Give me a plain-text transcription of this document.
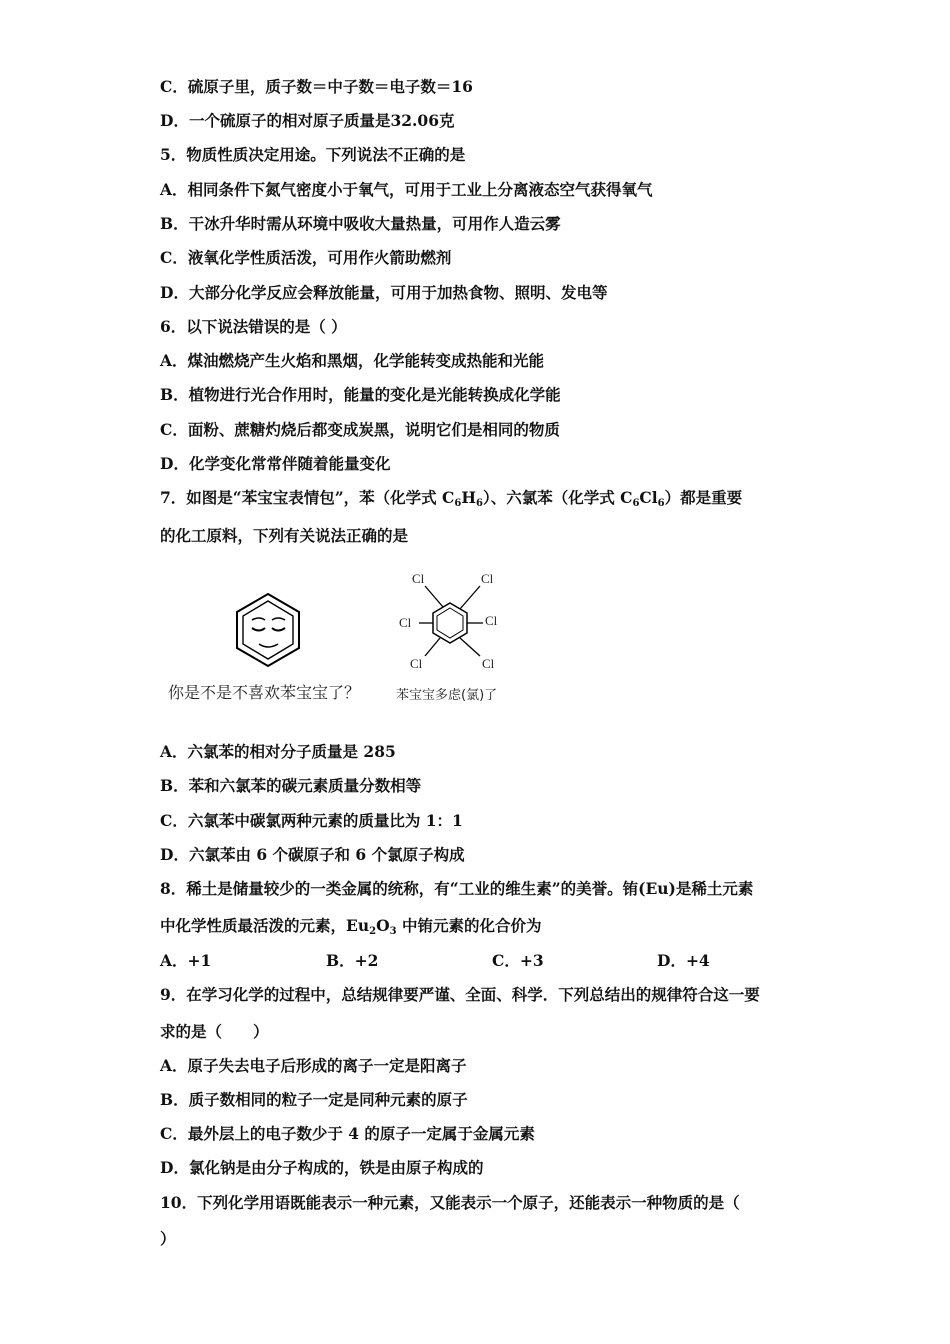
C．硫原子里，质子数＝中子数＝电子数＝16
D．一个硫原子的相对原子质量是32.06克
5．物质性质决定用途。下列说法不正确的是
A．相同条件下氮气密度小于氧气，可用于工业上分离液态空气获得氧气
B．干冰升华时需从环境中吸收大量热量，可用作人造云雾
C．液氧化学性质活泼，可用作火箭助燃剂
D．大部分化学反应会释放能量，可用于加热食物、照明、发电等
6．以下说法错误的是（ ）
A．煤油燃烧产生火焰和黑烟，化学能转变成热能和光能
B．植物进行光合作用时，能量的变化是光能转换成化学能
C．面粉、蔗糖灼烧后都变成炭黑，说明它们是相同的物质
D．化学变化常常伴随着能量变化
7．如图是“苯宝宝表情包”，苯（化学式 $C_6H_6$）、六氯苯（化学式 $C_6Cl_6$）都是重要
的化工原料，下列有关说法正确的是
你是不是不喜欢苯宝宝了？
Cl	Cl
Cl	Cl
Cl	Cl
苯宝宝多虑(氯)了
A．六氯苯的相对分子质量是 285
B．苯和六氯苯的碳元素质量分数相等
C．六氯苯中碳氯两种元素的质量比为 1：1
D．六氯苯由 6 个碳原子和 6 个氯原子构成
8．稀土是储量较少的一类金属的统称，有“工业的维生素”的美誉。铕(Eu)是稀土元素
中化学性质最活泼的元素，$Eu_2O_3$ 中铕元素的化合价为
A．+1	B．+2	C．+3	D．+4
9．在学习化学的过程中，总结规律要严谨、全面、科学．下列总结出的规律符合这一要
求的是（　　）
A．原子失去电子后形成的离子一定是阳离子
B．质子数相同的粒子一定是同种元素的原子
C．最外层上的电子数少于 4 的原子一定属于金属元素
D．氯化钠是由分子构成的，铁是由原子构成的
10．下列化学用语既能表示一种元素，又能表示一个原子，还能表示一种物质的是（
）
